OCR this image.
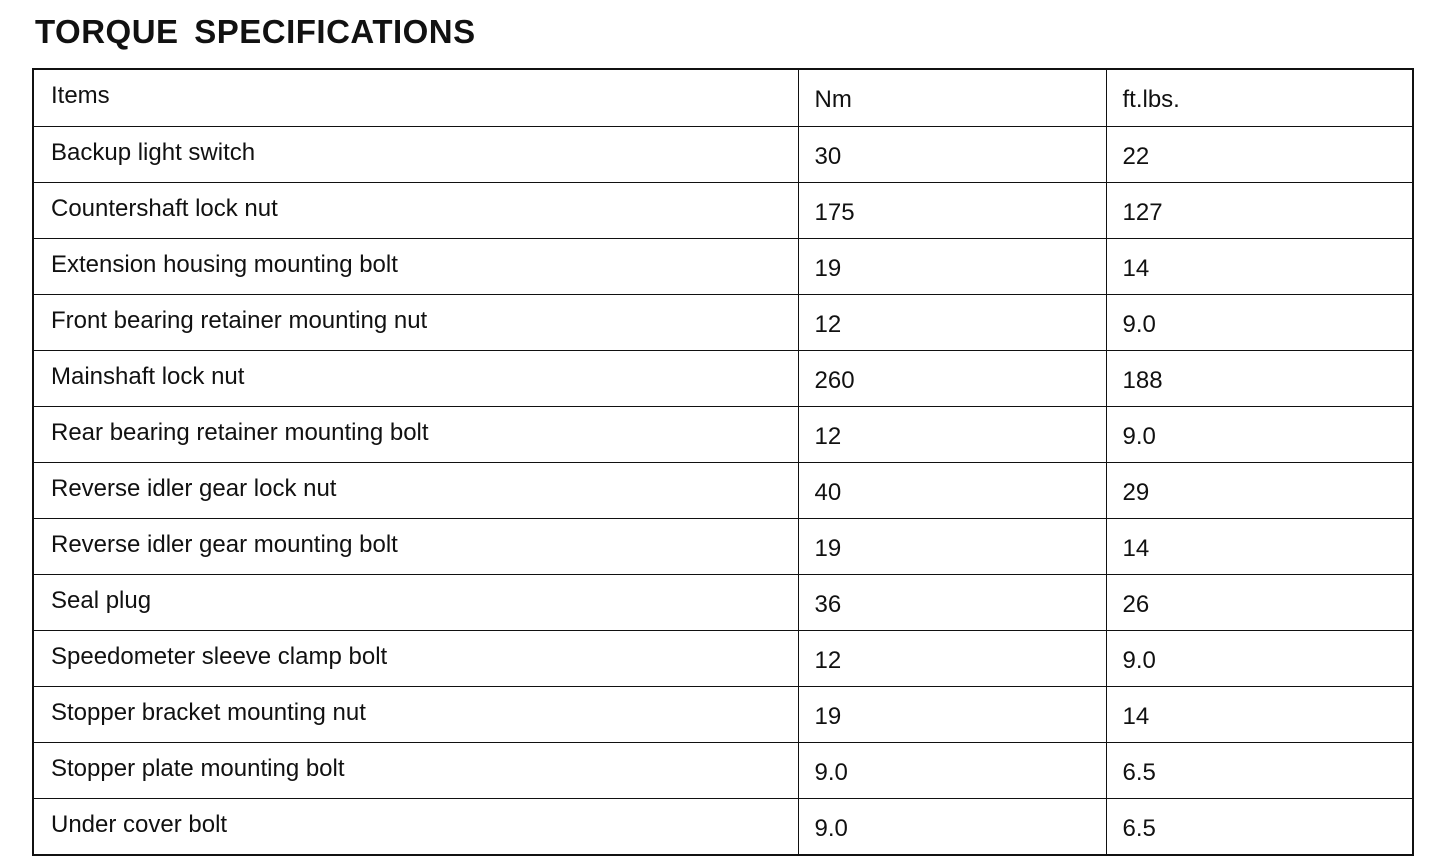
TORQUE SPECIFICATIONS
Items	Nm	ft.lbs.
Backup light switch	30	22
Countershaft lock nut	175	127
Extension housing mounting bolt	19	14
Front bearing retainer mounting nut	12	9.0
Mainshaft lock nut	260	188
Rear bearing retainer mounting bolt	12	9.0
Reverse idler gear lock nut	40	29
Reverse idler gear mounting bolt	19	14
Seal plug	36	26
Speedometer sleeve clamp bolt	12	9.0
Stopper bracket mounting nut	19	14
Stopper plate mounting bolt	9.0	6.5
Under cover bolt	9.0	6.5
